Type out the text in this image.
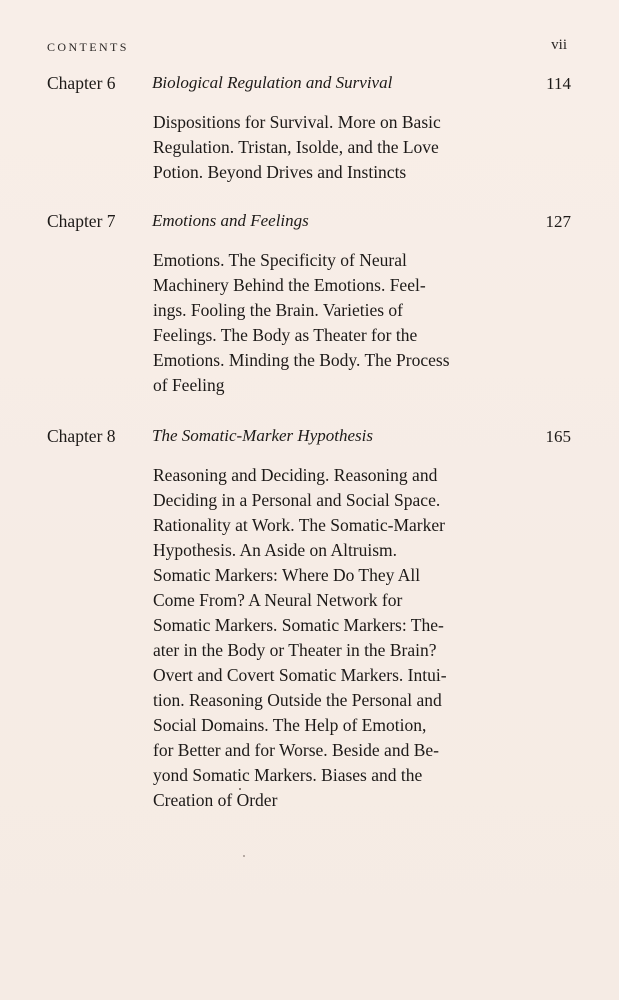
CONTENTS	vii
Chapter 6 Biological Regulation and Survival	114
Dispositions for Survival. More on Basic
Regulation. Tristan, Isolde, and the Love
Potion. Beyond Drives and Instincts
Chapter 7 Emotions and Feelings	127
Emotions. The Specificity of Neural
Machinery Behind the Emotions. Feel-
ings. Fooling the Brain. Varieties of
Feelings. The Body as Theater for the
Emotions. Minding the Body. The Process
of Feeling
Chapter 8 The Somatic-Marker Hypothesis	165
Reasoning and Deciding. Reasoning and
Deciding in a Personal and Social Space.
Rationality at Work. The Somatic-Marker
Hypothesis. An Aside on Altruism.
Somatic Markers: Where Do They All
Come From? A Neural Network for
Somatic Markers. Somatic Markers: The-
ater in the Body or Theater in the Brain?
Overt and Covert Somatic Markers. Intui-
tion. Reasoning Outside the Personal and
Social Domains. The Help of Emotion,
for Better and for Worse. Beside and Be-
yond Somatic Markers. Biases and the
Creation of Order
